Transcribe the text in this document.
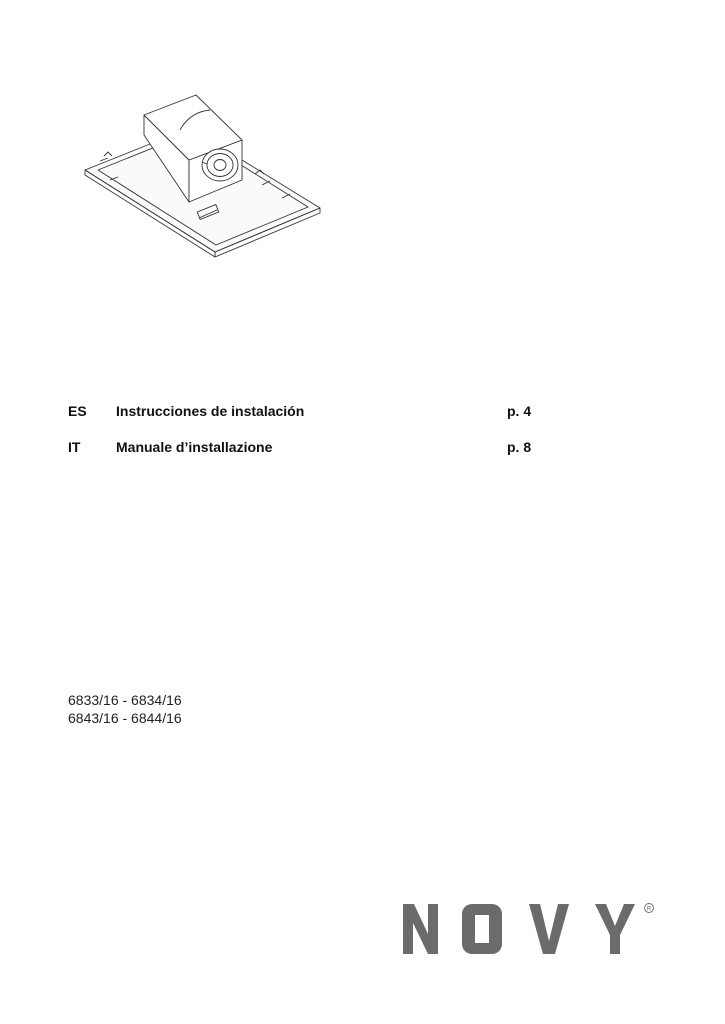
ES Instrucciones de instalación	p. 4
IT	Manuale d’installazione	p. 8
6833/16 - 6834/16
6843/16 - 6844/16
R
